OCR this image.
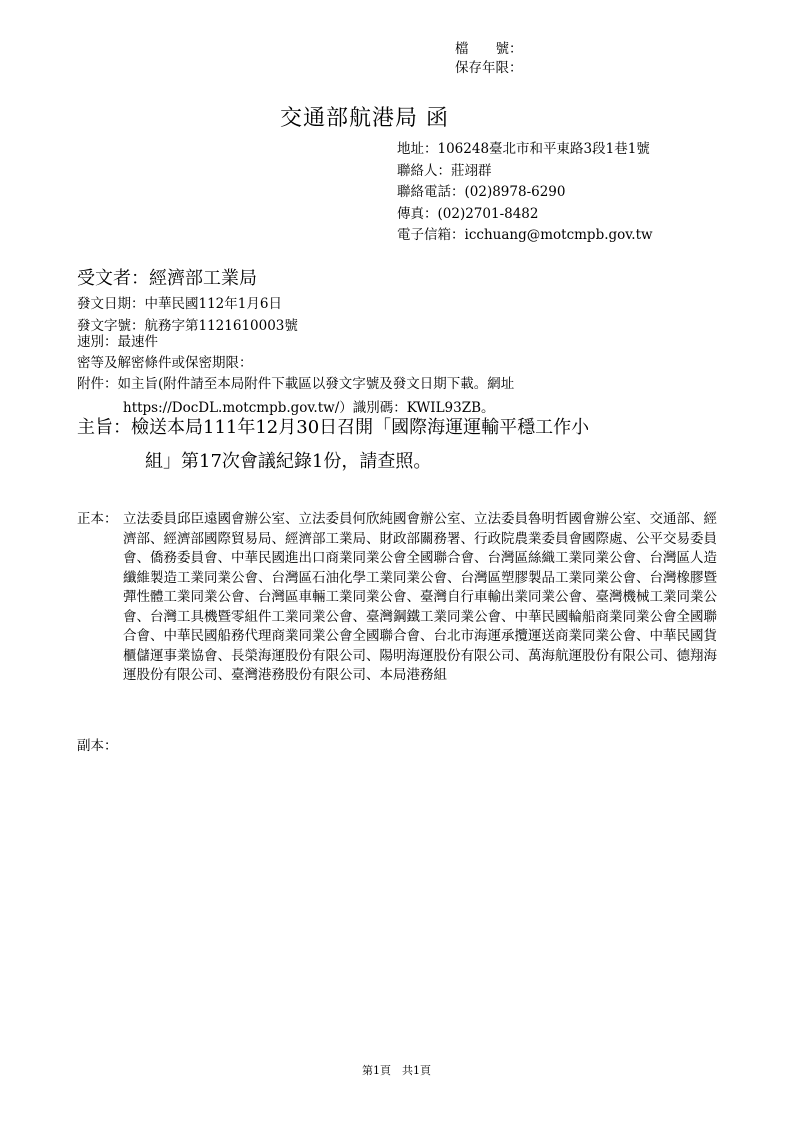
檔　　號：
保存年限：
交通部航港局 函
地址：106248臺北市和平東路3段1巷1號
聯絡人：莊翊群
聯絡電話：(02)8978-6290
傳真：(02)2701-8482
電子信箱：icchuang@motcmpb.gov.tw
受文者：經濟部工業局
發文日期：中華民國112年1月6日
發文字號：航務字第1121610003號
速別：最速件
密等及解密條件或保密期限：
附件：如主旨(附件請至本局附件下載區以發文字號及發文日期下載。網址
https://DocDL.motcmpb.gov.tw/）識別碼：KWIL93ZB。
主旨：檢送本局111年12月30日召開「國際海運運輸平穩工作小
組」第17次會議紀錄1份，請查照。
正本： 立法委員邱臣遠國會辦公室、立法委員何欣純國會辦公室、立法委員魯明哲國會辦公室、交通部、經濟部、經濟部國際貿易局、經濟部工業局、財政部關務署、行政院農業委員會國際處、公平交易委員會、僑務委員會、中華民國進出口商業同業公會全國聯合會、台灣區絲織工業同業公會、台灣區人造纖維製造工業同業公會、台灣區石油化學工業同業公會、台灣區塑膠製品工業同業公會、台灣橡膠暨彈性體工業同業公會、台灣區車輛工業同業公會、臺灣自行車輸出業同業公會、臺灣機械工業同業公會、台灣工具機暨零組件工業同業公會、臺灣鋼鐵工業同業公會、中華民國輪船商業同業公會全國聯合會、中華民國船務代理商業同業公會全國聯合會、台北市海運承攬運送商業同業公會、中華民國貨櫃儲運事業協會、長榮海運股份有限公司、陽明海運股份有限公司、萬海航運股份有限公司、德翔海運股份有限公司、臺灣港務股份有限公司、本局港務組
副本：
第1頁　共1頁
